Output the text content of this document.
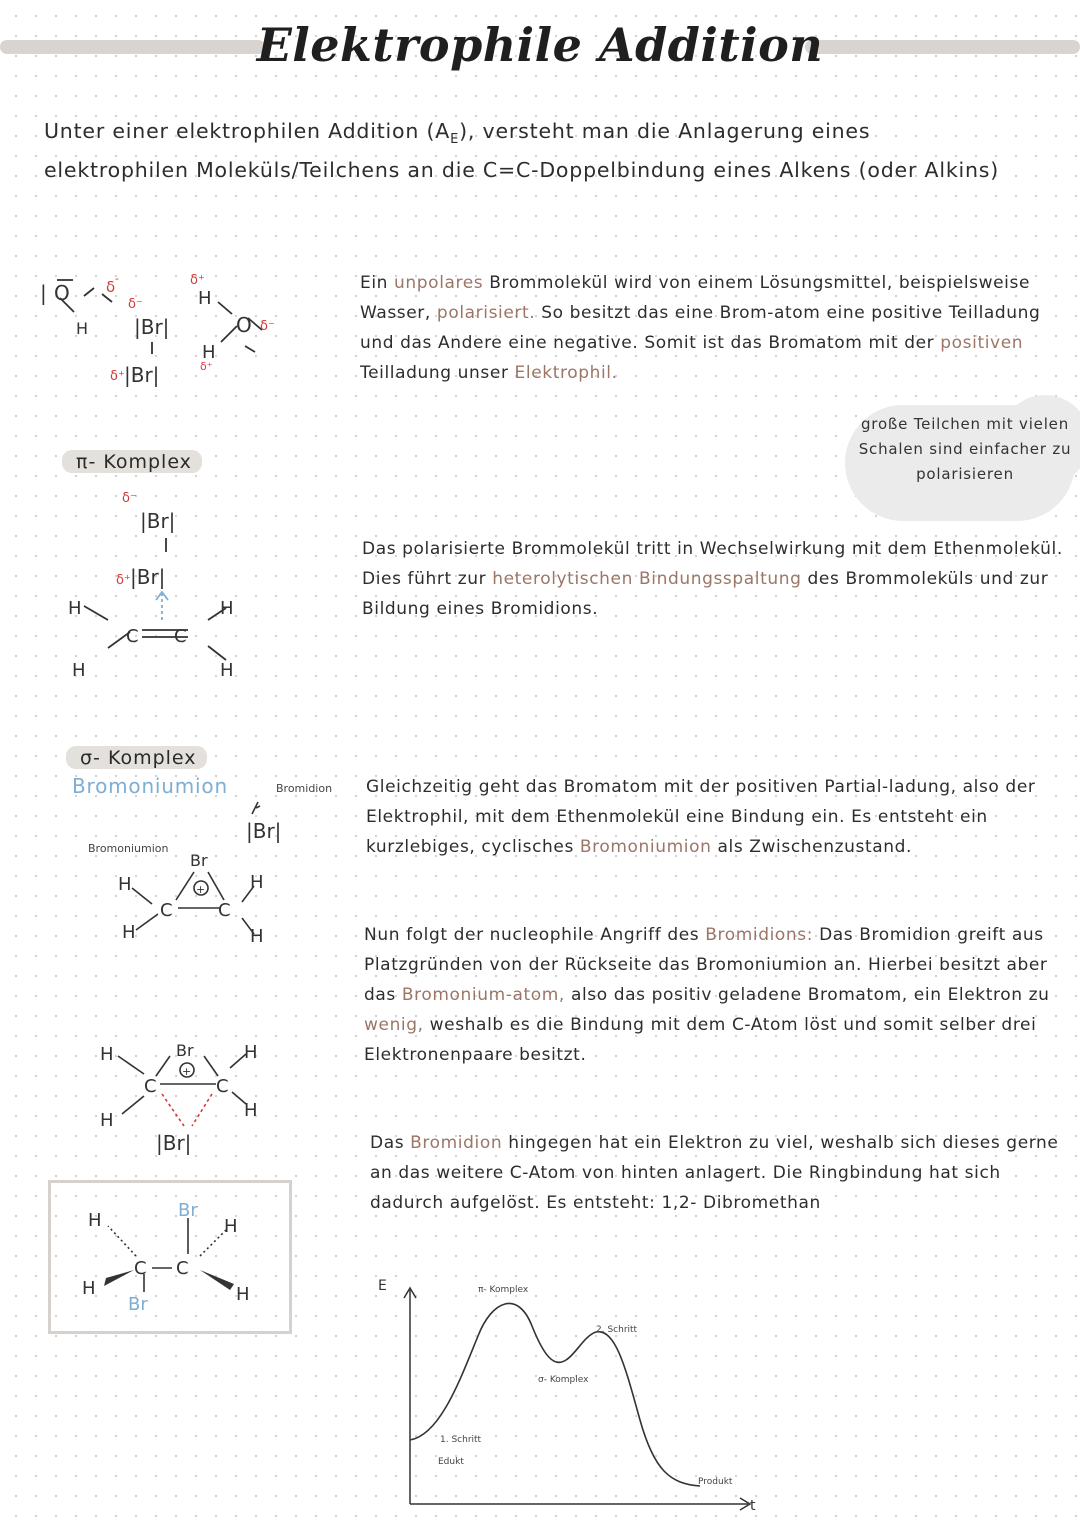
Elektrophile Addition
Unter einer elektrophilen Addition $(A_E)$, versteht man die Anlagerung eines elektrophilen Moleküls/Teilchens an die C=C-Doppelbindung eines Alkens (oder Alkins)
Ein unpolares Brommolekül wird von einem Lösungsmittel, beispielsweise Wasser, polarisiert. So besitzt das eine Brom-atom eine positive Teilladung und das Andere eine negative. Somit ist das Bromatom mit der positiven Teilladung unser Elektrophil.
große Teilchen mit vielen Schalen sind einfacher zu polarisieren
O
|
H
δ -
δ⁻
|Br|
δ⁺
H
O δ⁻
H
δ⁺
δ⁺ |Br|
π- Komplex
δ⁻
|Br|
δ⁺ |Br|
H	H
C C
H	H
Das polarisierte Brommolekül tritt in Wechselwirkung mit dem Ethenmolekül. Dies führt zur heterolytischen Bindungsspaltung des Brommoleküls und zur Bildung eines Bromidions.
σ- Komplex
Bromoniumion	Bromidion
Bromoniumion
+
Br
H	H
C	C
H	H
|Br|
Gleichzeitig geht das Bromatom mit der positiven Partial-ladung, also der Elektrophil, mit dem Ethenmolekül eine Bindung ein. Es entsteht ein kurzlebiges, cyclisches Bromoniumion als Zwischenzustand.
+
Br
H	H
C	C
H	H
|Br|
Nun folgt der nucleophile Angriff des Bromidions: Das Bromidion greift aus Platzgründen von der Rückseite das Bromoniumion an. Hierbei besitzt aber das Bromonium-atom, also das positiv geladene Bromatom, ein Elektron zu wenig, weshalb es die Bindung mit dem C-Atom löst und somit selber drei Elektronenpaare besitzt.
Br
H	H
C C
H	H
Br
Das Bromidion hingegen hat ein Elektron zu viel, weshalb sich dieses gerne an das weitere C-Atom von hinten anlagert. Die Ringbindung hat sich dadurch aufgelöst. Es entsteht: 1,2- Dibromethan
E
t
π- Komplex
2. Schritt
σ- Komplex
1. Schritt
Edukt
Produkt
